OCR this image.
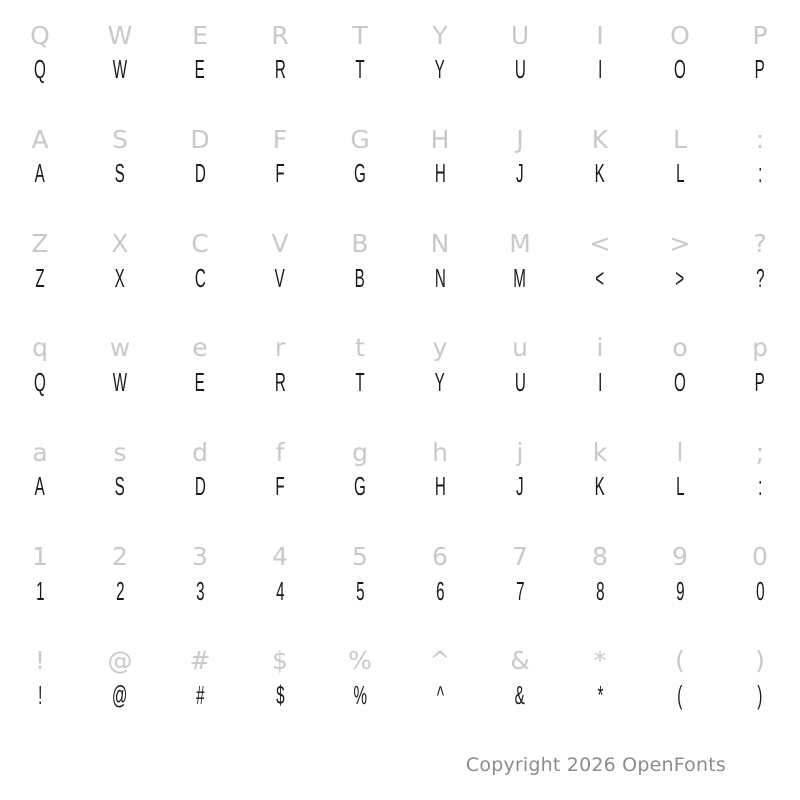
Q
Q
W
W
E
E
R
R
T
T
Y
Y
U
U
I
I
O
O
P
P
A
A
S
S
D
D
F
F
G
G
H
H
J
J
K
K
L
L
:
:
Z
Z
X
X
C
C
V
V
B
B
N
N
M
M
<
<
>
>
?
?
q
Q
w
W
e
E
r
R
t
T
y
Y
u
U
i
I
o
O
p
P
a
A
s
S
d
D
f
F
g
G
h
H
j
J
k
K
l
L
;
:
1
1
2
2
3
3
4
4
5
5
6
6
7
7
8
8
9
9
0
0
!
!
@
@
#
#
$
$
%
%
^
^
&
&
*
*
(
(
)
)
Copyright 2026 OpenFonts
